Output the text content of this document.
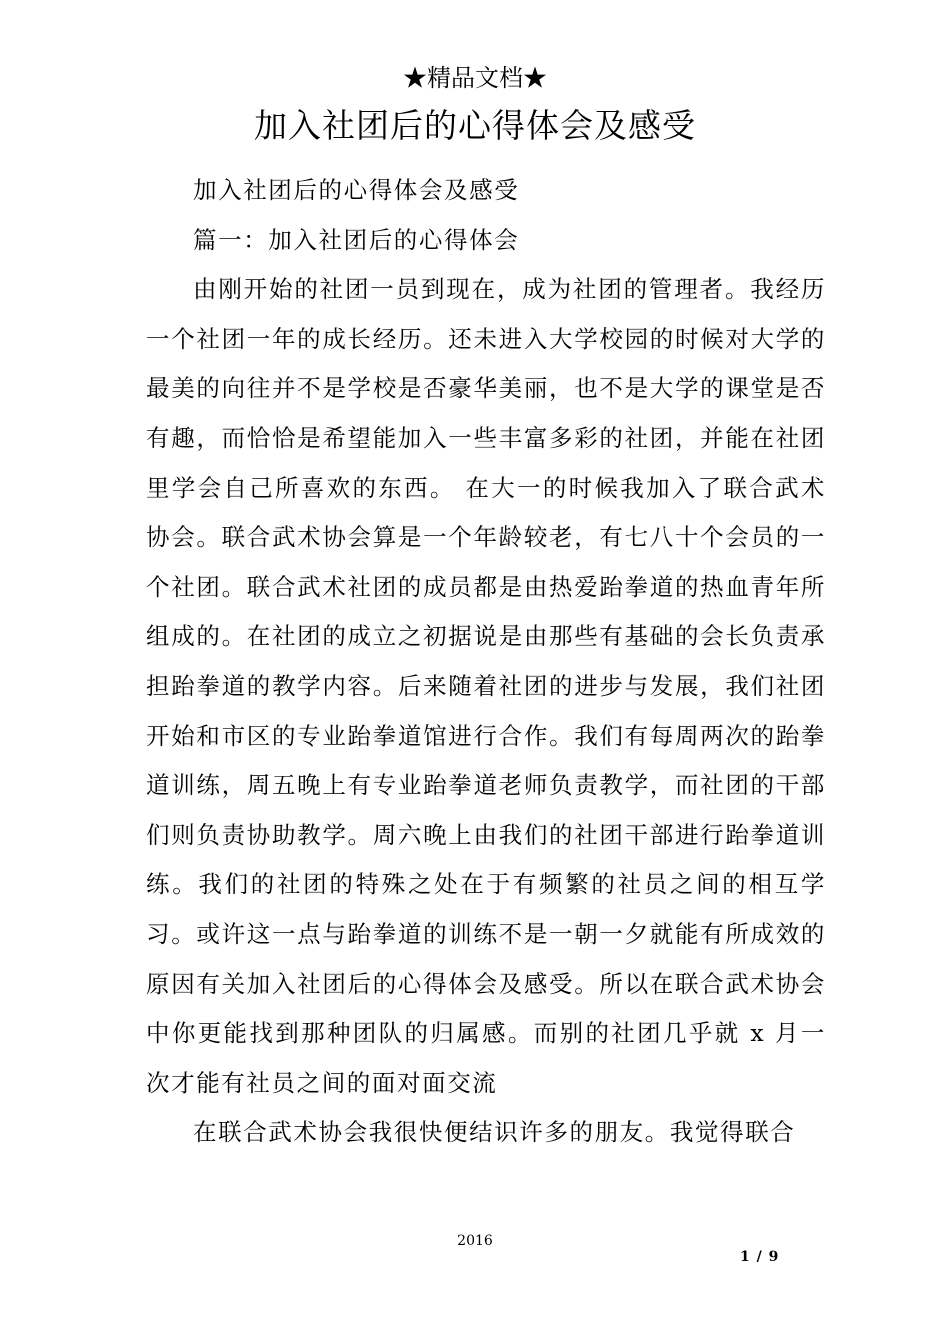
★精品文档★
加入社团后的心得体会及感受

加入社团后的心得体会及感受

篇一：加入社团后的心得体会

由刚开始的社团一员到现在，成为社团的管理者。我经历一个社团一年的成长经历。还未进入大学校园的时候对大学的最美的向往并不是学校是否豪华美丽，也不是大学的课堂是否有趣，而恰恰是希望能加入一些丰富多彩的社团，并能在社团里学会自己所喜欢的东西。 在大一的时候我加入了联合武术协会。联合武术协会算是一个年龄较老，有七八十个会员的一个社团。联合武术社团的成员都是由热爱跆拳道的热血青年所组成的。在社团的成立之初据说是由那些有基础的会长负责承担跆拳道的教学内容。后来随着社团的进步与发展，我们社团开始和市区的专业跆拳道馆进行合作。我们有每周两次的跆拳道训练，周五晚上有专业跆拳道老师负责教学，而社团的干部们则负责协助教学。周六晚上由我们的社团干部进行跆拳道训练。我们的社团的特殊之处在于有频繁的社员之间的相互学习。或许这一点与跆拳道的训练不是一朝一夕就能有所成效的原因有关加入社团后的心得体会及感受。所以在联合武术协会中你更能找到那种团队的归属感。而别的社团几乎就 x 月一次才能有社员之间的面对面交流

在联合武术协会我很快便结识许多的朋友。我觉得联合

2016
1 / 9
